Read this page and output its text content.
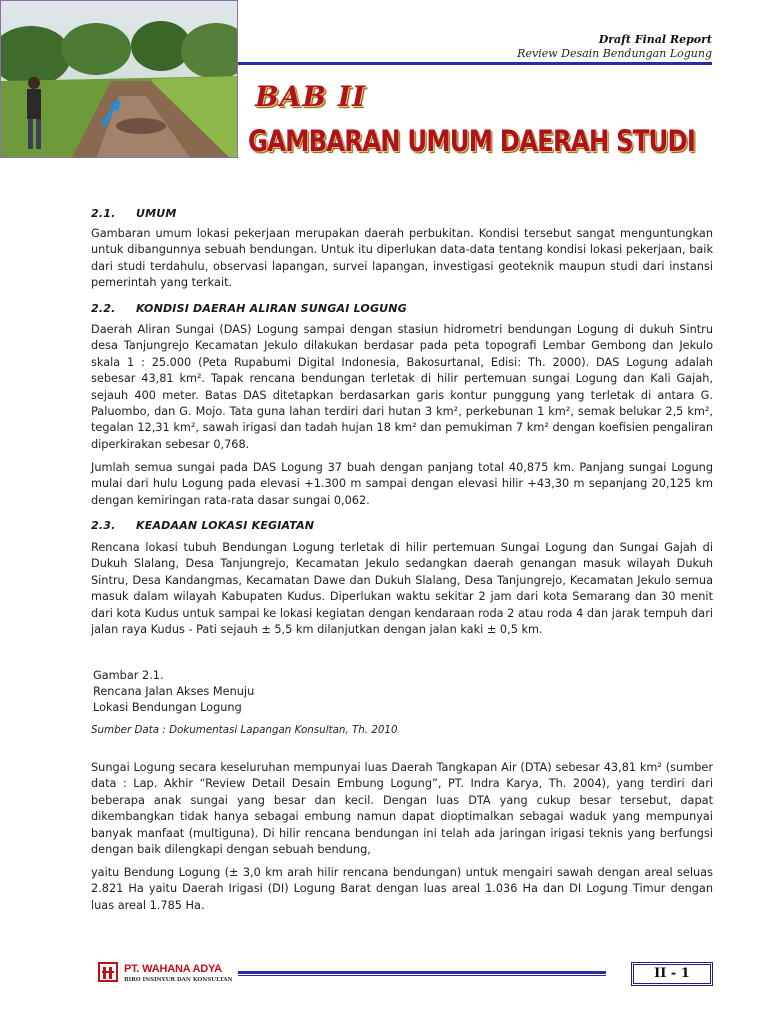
Draft Final Report
Review Desain Bendungan Logung
BAB II
GAMBARAN UMUM DAERAH STUDI
2.1. UMUM
Gambaran umum lokasi pekerjaan merupakan daerah perbukitan. Kondisi tersebut sangat menguntungkan untuk dibangunnya sebuah bendungan. Untuk itu diperlukan data-data tentang kondisi lokasi pekerjaan, baik dari studi terdahulu, observasi lapangan, survei lapangan, investigasi geoteknik maupun studi dari instansi pemerintah yang terkait.
2.2. KONDISI DAERAH ALIRAN SUNGAI LOGUNG
Daerah Aliran Sungai (DAS) Logung sampai dengan stasiun hidrometri bendungan Logung di dukuh Sintru desa Tanjungrejo Kecamatan Jekulo dilakukan berdasar pada peta topografi Lembar Gembong dan Jekulo skala 1 : 25.000 (Peta Rupabumi Digital Indonesia, Bakosurtanal, Edisi: Th. 2000). DAS Logung adalah sebesar 43,81 km². Tapak rencana bendungan terletak di hilir pertemuan sungai Logung dan Kali Gajah, sejauh 400 meter. Batas DAS ditetapkan berdasarkan garis kontur punggung yang terletak di antara G. Paluombo, dan G. Mojo. Tata guna lahan terdiri dari hutan 3 km², perkebunan 1 km², semak belukar 2,5 km², tegalan 12,31 km², sawah irigasi dan tadah hujan 18 km² dan pemukiman 7 km² dengan koefisien pengaliran diperkirakan sebesar 0,768.
Jumlah semua sungai pada DAS Logung 37 buah dengan panjang total 40,875 km. Panjang sungai Logung mulai dari hulu Logung pada elevasi +1.300 m sampai dengan elevasi hilir +43,30 m sepanjang 20,125 km dengan kemiringan rata-rata dasar sungai 0,062.
2.3. KEADAAN LOKASI KEGIATAN
Rencana lokasi tubuh Bendungan Logung terletak di hilir pertemuan Sungai Logung dan Sungai Gajah di Dukuh Slalang, Desa Tanjungrejo, Kecamatan Jekulo sedangkan daerah genangan masuk wilayah Dukuh Sintru, Desa Kandangmas, Kecamatan Dawe dan Dukuh Slalang, Desa Tanjungrejo, Kecamatan Jekulo semua masuk dalam wilayah Kabupaten Kudus. Diperlukan waktu sekitar 2 jam dari kota Semarang dan 30 menit dari kota Kudus untuk sampai ke lokasi kegiatan dengan kendaraan roda 2 atau roda 4 dan jarak tempuh dari jalan raya Kudus - Pati sejauh ± 5,5 km dilanjutkan dengan jalan kaki ± 0,5 km.
Gambar 2.1.
Rencana Jalan Akses Menuju
Lokasi Bendungan Logung
Sumber Data : Dokumentasi Lapangan Konsultan, Th. 2010
Sungai Logung secara keseluruhan mempunyai luas Daerah Tangkapan Air (DTA) sebesar 43,81 km² (sumber data : Lap. Akhir “Review Detail Desain Embung Logung”, PT. Indra Karya, Th. 2004), yang terdiri dari beberapa anak sungai yang besar dan kecil. Dengan luas DTA yang cukup besar tersebut, dapat dikembangkan tidak hanya sebagai embung namun dapat dioptimalkan sebagai waduk yang mempunyai banyak manfaat (multiguna). Di hilir rencana bendungan ini telah ada jaringan irigasi teknis yang berfungsi dengan baik dilengkapi dengan sebuah bendung,
yaitu Bendung Logung (± 3,0 km arah hilir rencana bendungan) untuk mengairi sawah dengan areal seluas 2.821 Ha yaitu Daerah Irigasi (DI) Logung Barat dengan luas areal 1.036 Ha dan DI Logung Timur dengan luas areal 1.785 Ha.
PT. WAHANA ADYA
BIRO INSINYUR DAN KONSULTAN	II - 1
